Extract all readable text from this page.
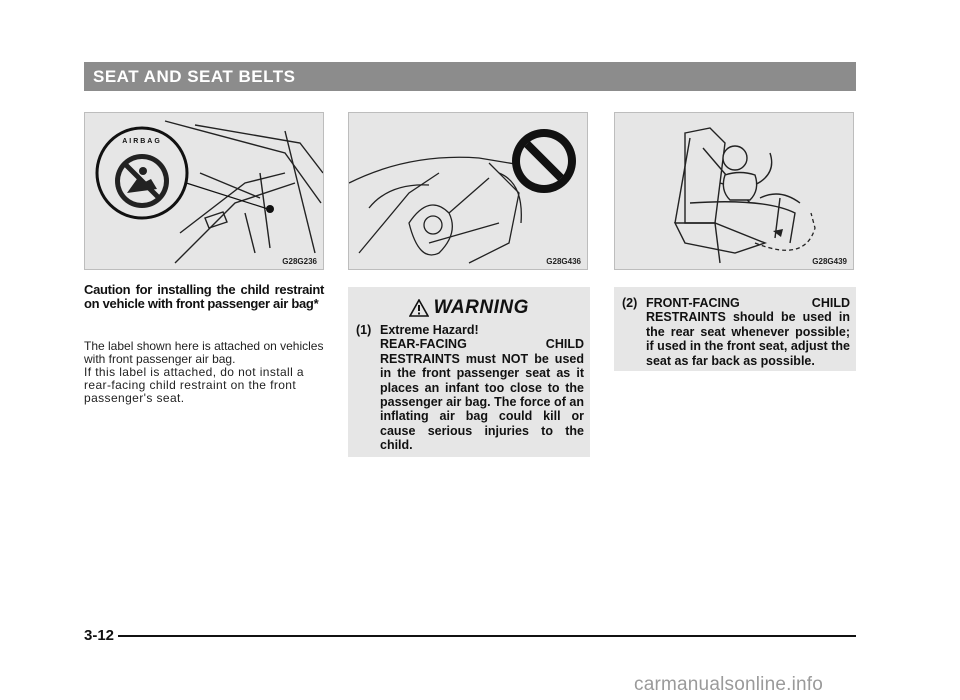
SEAT AND SEAT BELTS
AIRBAG
G28G236	G28G436	G28G439
Caution for installing the child restraint on vehicle with front passenger air bag*

The label shown here is attached on vehicles with front passenger air bag.

If this label is attached, do not install a rear-facing child restraint on the front passenger's seat.

WARNING
(1) Extreme Hazard!
REAR-FACING CHILD RESTRAINTS must NOT be used in the front passenger seat as it places an infant too close to the passenger air bag. The force of an inflating air bag could kill or cause serious injuries to the child.
(2) FRONT-FACING CHILD RESTRAINTS should be used in the rear seat whenever possible; if used in the front seat, adjust the seat as far back as possible.
3-12
carmanualsonline.info
